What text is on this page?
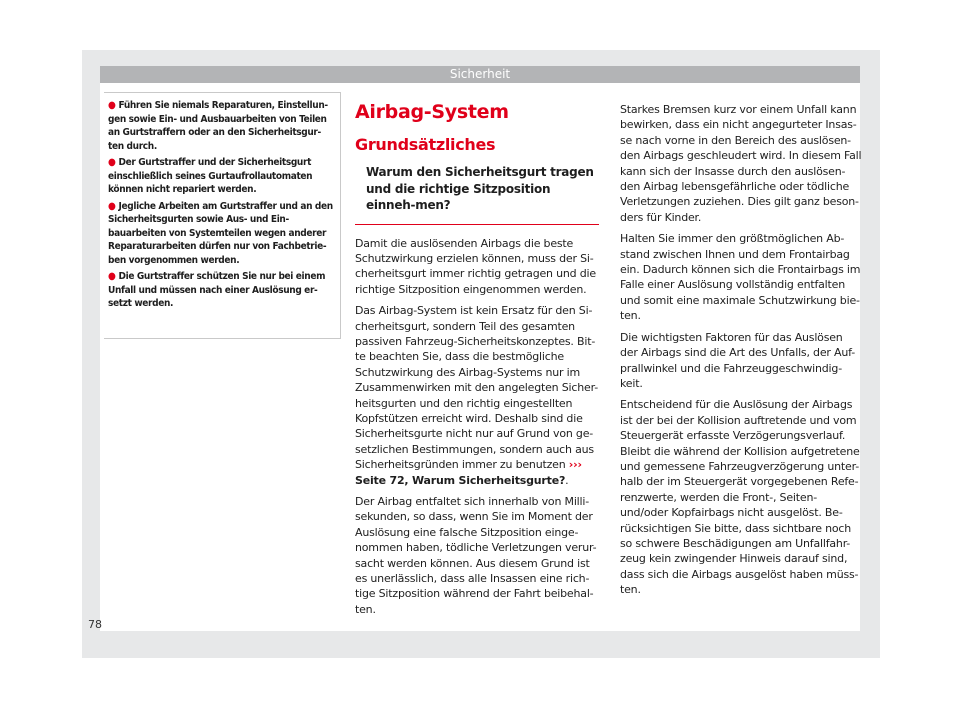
Sicherheit

● Führen Sie niemals Reparaturen, Einstellun-gen sowie Ein- und Ausbauarbeiten von Teilen an Gurtstraffern oder an den Sicherheitsgur-ten durch.

● Der Gurtstraffer und der Sicherheitsgurt einschließlich seines Gurtaufrollautomaten können nicht repariert werden.

● Jegliche Arbeiten am Gurtstraffer und an den Sicherheitsgurten sowie Aus- und Ein-bauarbeiten von Systemteilen wegen anderer Reparaturarbeiten dürfen nur von Fachbetrie-ben vorgenommen werden.

● Die Gurtstraffer schützen Sie nur bei einem Unfall und müssen nach einer Auslösung er-setzt werden.

Airbag-System
Grundsätzliches
Warum den Sicherheitsgurt tragen und die richtige Sitzposition einneh-men?

Damit die auslösenden Airbags die beste Schutzwirkung erzielen können, muss der Si-cherheitsgurt immer richtig getragen und die richtige Sitzposition eingenommen werden.

Das Airbag-System ist kein Ersatz für den Si-cherheitsgurt, sondern Teil des gesamten passiven Fahrzeug-Sicherheitskonzeptes. Bit-te beachten Sie, dass die bestmögliche Schutzwirkung des Airbag-Systems nur im Zusammenwirken mit den angelegten Sicher-heitsgurten und den richtig eingestellten Kopfstützen erreicht wird. Deshalb sind die Sicherheitsgurte nicht nur auf Grund von ge-setzlichen Bestimmungen, sondern auch aus Sicherheitsgründen immer zu benutzen ››› Seite 72, Warum Sicherheitsgurte?.

Der Airbag entfaltet sich innerhalb von Milli-sekunden, so dass, wenn Sie im Moment der Auslösung eine falsche Sitzposition einge-nommen haben, tödliche Verletzungen verur-sacht werden können. Aus diesem Grund ist es unerlässlich, dass alle Insassen eine rich-tige Sitzposition während der Fahrt beibehal-ten.

Starkes Bremsen kurz vor einem Unfall kann bewirken, dass ein nicht angegurteter Insas-se nach vorne in den Bereich des auslösen-den Airbags geschleudert wird. In diesem Fall kann sich der Insasse durch den auslösen-den Airbag lebensgefährliche oder tödliche Verletzungen zuziehen. Dies gilt ganz beson-ders für Kinder.

Halten Sie immer den größtmöglichen Ab-stand zwischen Ihnen und dem Frontairbag ein. Dadurch können sich die Frontairbags im Falle einer Auslösung vollständig entfalten und somit eine maximale Schutzwirkung bie-ten.

Die wichtigsten Faktoren für das Auslösen der Airbags sind die Art des Unfalls, der Auf-prallwinkel und die Fahrzeuggeschwindig-keit.

Entscheidend für die Auslösung der Airbags ist der bei der Kollision auftretende und vom Steuergerät erfasste Verzögerungsverlauf. Bleibt die während der Kollision aufgetretene und gemessene Fahrzeugverzögerung unter-halb der im Steuergerät vorgegebenen Refe-renzwerte, werden die Front-, Seiten-und/oder Kopfairbags nicht ausgelöst. Be-rücksichtigen Sie bitte, dass sichtbare noch so schwere Beschädigungen am Unfallfahr-zeug kein zwingender Hinweis darauf sind, dass sich die Airbags ausgelöst haben müss-ten.

78
